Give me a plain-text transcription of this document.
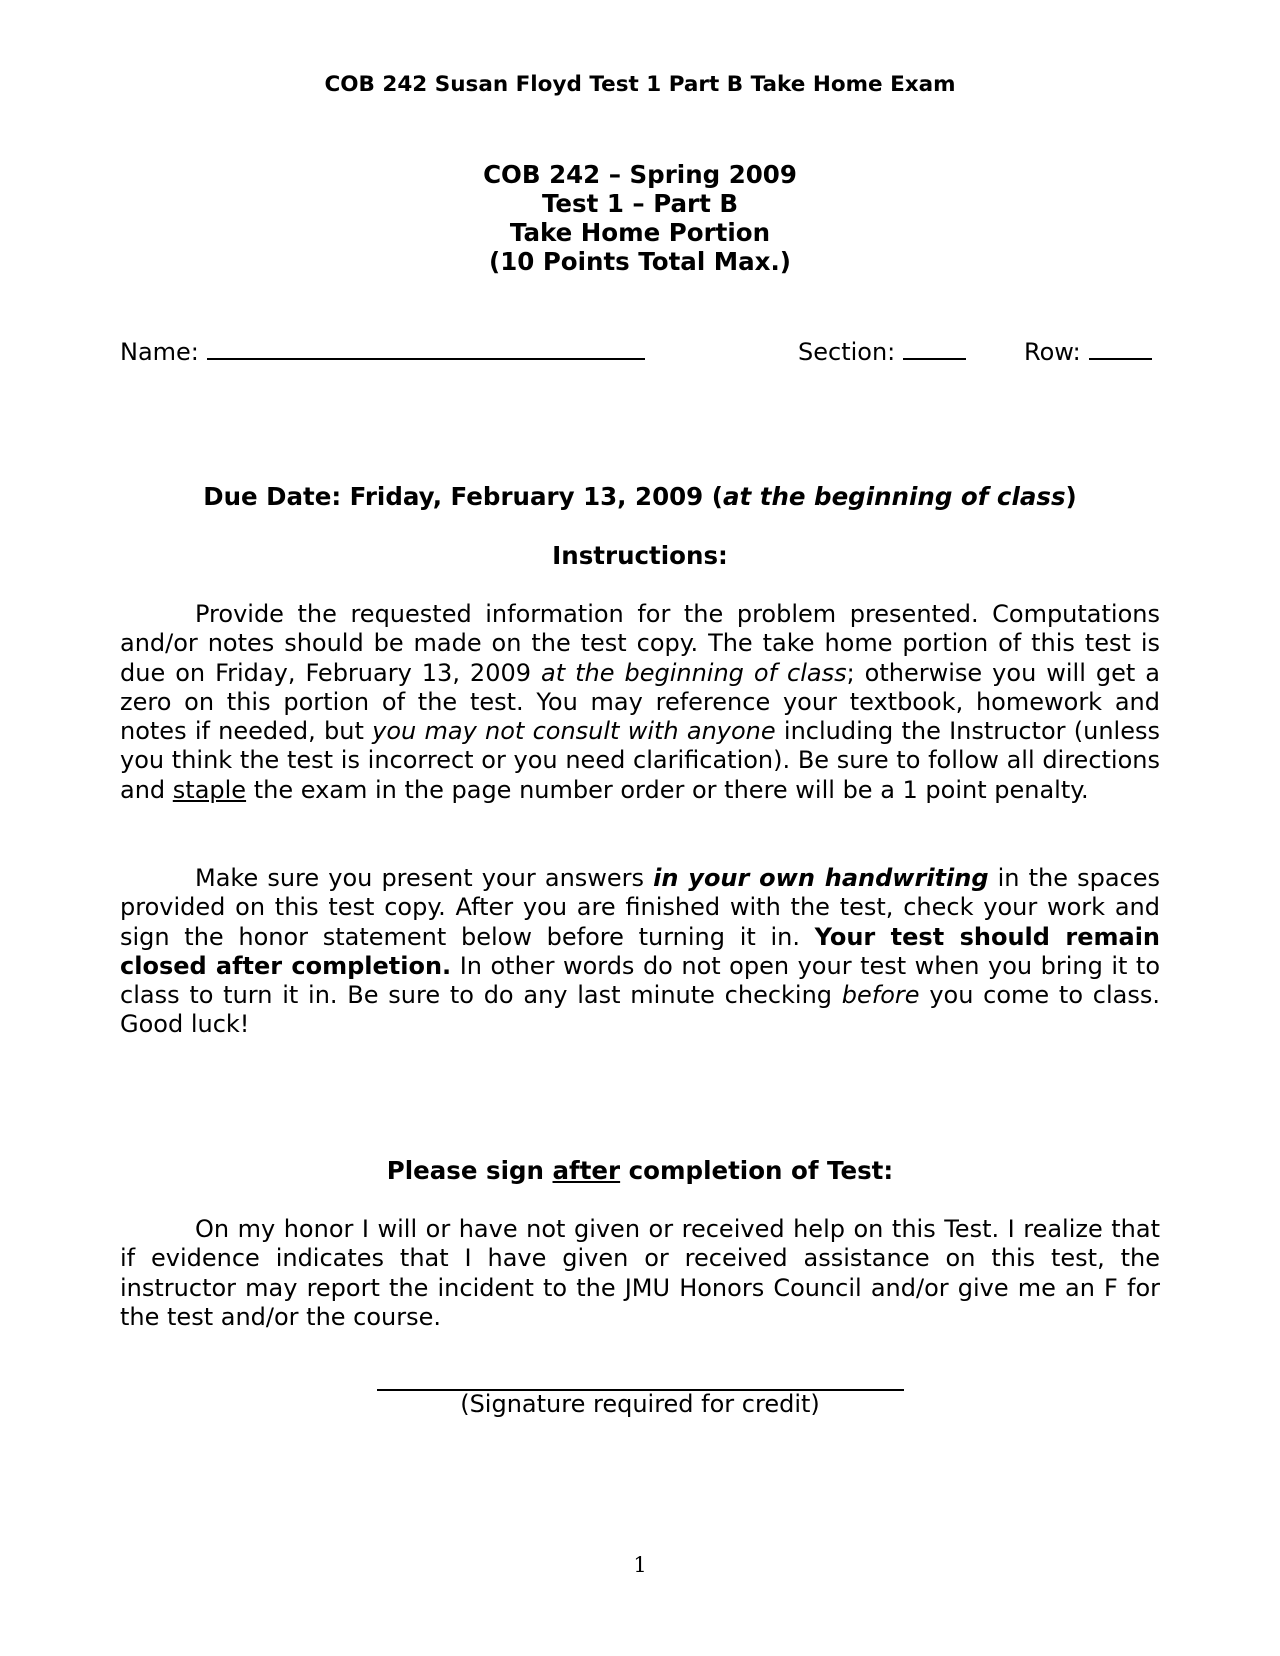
COB 242 Susan Floyd Test 1 Part B Take Home Exam
COB 242 – Spring 2009
Test 1 – Part B
Take Home Portion
(10 Points Total Max.)
Name:	Section:	Row:
Due Date: Friday, February 13, 2009 (at the beginning of class)
Instructions:

Provide the requested information for the problem presented. Computations and/or notes should be made on the test copy. The take home portion of this test is due on Friday, February 13, 2009 at the beginning of class; otherwise you will get a zero on this portion of the test. You may reference your textbook, homework and notes if needed, but you may not consult with anyone including the Instructor (unless you think the test is incorrect or you need clarification). Be sure to follow all directions and staple the exam in the page number order or there will be a 1 point penalty.

Make sure you present your answers in your own handwriting in the spaces provided on this test copy. After you are finished with the test, check your work and sign the honor statement below before turning it in. Your test should remain closed after completion. In other words do not open your test when you bring it to class to turn it in. Be sure to do any last minute checking before you come to class. Good luck!

Please sign after completion of Test:

On my honor I will or have not given or received help on this Test. I realize that if evidence indicates that I have given or received assistance on this test, the instructor may report the incident to the JMU Honors Council and/or give me an F for the test and/or the course.

(Signature required for credit)
1
